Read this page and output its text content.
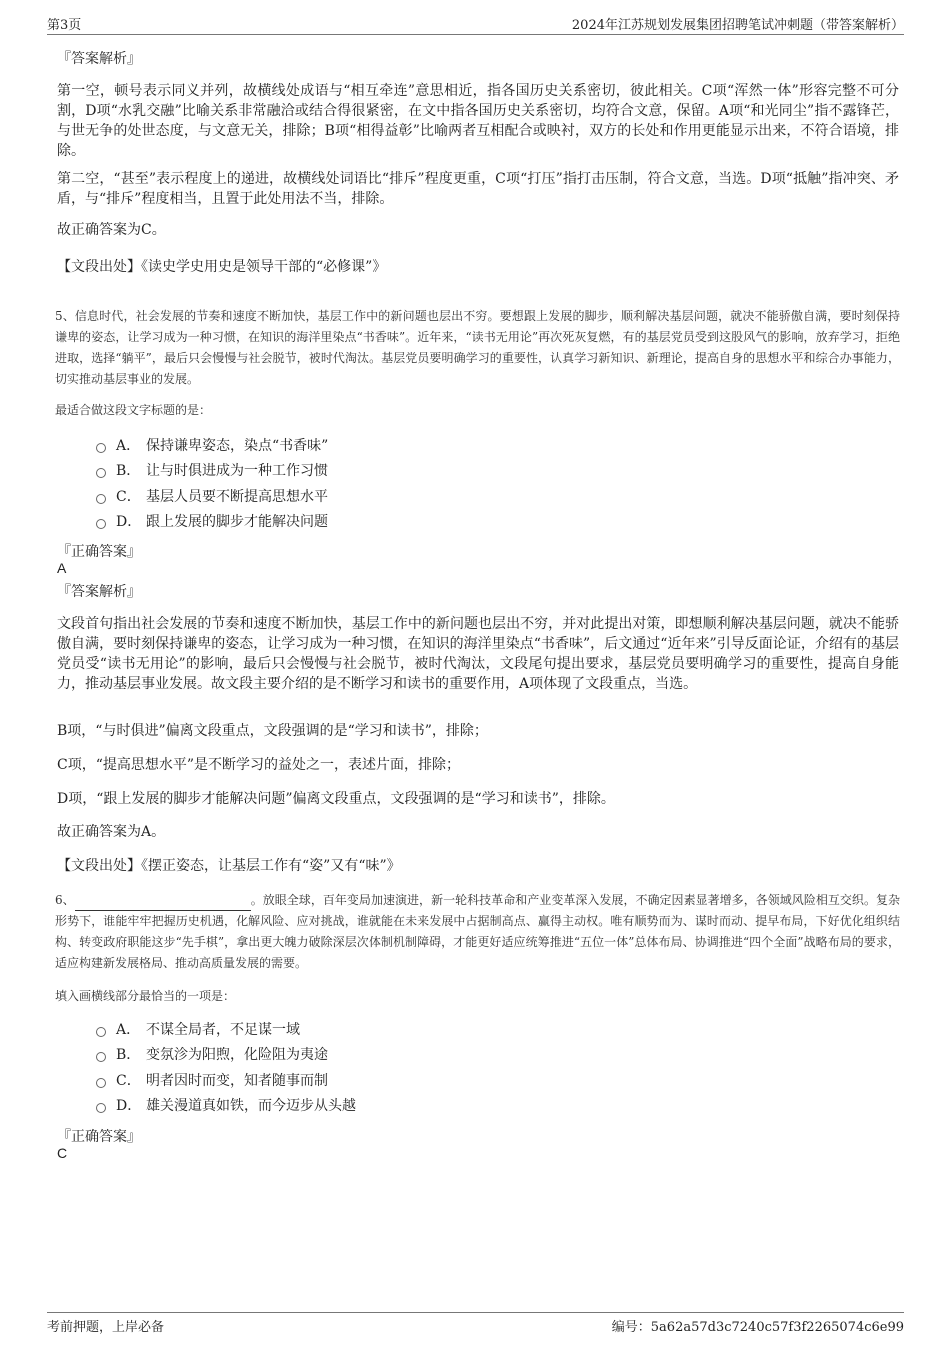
第3页	2024年江苏规划发展集团招聘笔试冲刺题（带答案解析）
『答案解析』
第一空，顿号表示同义并列，故横线处成语与“相互牵连”意思相近，指各国历史关系密切，彼此相关。C项“浑然一体”形容完整不可分割，D项“水乳交融”比喻关系非常融洽或结合得很紧密，在文中指各国历史关系密切，均符合文意，保留。A项“和光同尘”指不露锋芒，与世无争的处世态度，与文意无关，排除；B项“相得益彰”比喻两者互相配合或映衬，双方的长处和作用更能显示出来，不符合语境，排除。
第二空，“甚至”表示程度上的递进，故横线处词语比“排斥”程度更重，C项“打压”指打击压制，符合文意，当选。D项“抵触”指冲突、矛盾，与“排斥”程度相当，且置于此处用法不当，排除。
故正确答案为C。
【文段出处】《读史学史用史是领导干部的“必修课”》
5、信息时代，社会发展的节奏和速度不断加快，基层工作中的新问题也层出不穷。要想跟上发展的脚步，顺利解决基层问题，就决不能骄傲自满，要时刻保持谦卑的姿态，让学习成为一种习惯，在知识的海洋里染点“书香味”。近年来，“读书无用论”再次死灰复燃，有的基层党员受到这股风气的影响，放弃学习，拒绝进取，选择“躺平”，最后只会慢慢与社会脱节，被时代淘汰。基层党员要明确学习的重要性，认真学习新知识、新理论，提高自身的思想水平和综合办事能力，切实推动基层事业的发展。
最适合做这段文字标题的是：
A． 保持谦卑姿态，染点“书香味”
B． 让与时俱进成为一种工作习惯
C． 基层人员要不断提高思想水平
D． 跟上发展的脚步才能解决问题
『正确答案』
A
『答案解析』
文段首句指出社会发展的节奏和速度不断加快，基层工作中的新问题也层出不穷，并对此提出对策，即想顺利解决基层问题，就决不能骄傲自满，要时刻保持谦卑的姿态，让学习成为一种习惯，在知识的海洋里染点“书香味”，后文通过“近年来”引导反面论证，介绍有的基层党员受“读书无用论”的影响，最后只会慢慢与社会脱节，被时代淘汰，文段尾句提出要求，基层党员要明确学习的重要性，提高自身能力，推动基层事业发展。故文段主要介绍的是不断学习和读书的重要作用，A项体现了文段重点，当选。
B项，“与时俱进”偏离文段重点，文段强调的是“学习和读书”，排除；
C项，“提高思想水平”是不断学习的益处之一，表述片面，排除；
D项，“跟上发展的脚步才能解决问题”偏离文段重点，文段强调的是“学习和读书”，排除。
故正确答案为A。
【文段出处】《摆正姿态，让基层工作有“姿”又有“味”》
6、	。放眼全球，百年变局加速演进，新一轮科技革命和产业变革深入发展，不确定因素显著增多，各领域风险相互交织。复杂形势下，谁能牢牢把握历史机遇，化解风险、应对挑战，谁就能在未来发展中占据制高点、赢得主动权。唯有顺势而为、谋时而动、提早布局，下好优化组织结构、转变政府职能这步“先手棋”，拿出更大魄力破除深层次体制机制障碍，才能更好适应统筹推进“五位一体”总体布局、协调推进“四个全面”战略布局的要求，适应构建新发展格局、推动高质量发展的需要。
填入画横线部分最恰当的一项是：
A． 不谋全局者，不足谋一域
B． 变氛沴为阳煦，化险阻为夷途
C． 明者因时而变，知者随事而制
D． 雄关漫道真如铁，而今迈步从头越
『正确答案』
C
考前押题，上岸必备	编号：5a62a57d3c7240c57f3f2265074c6e99
